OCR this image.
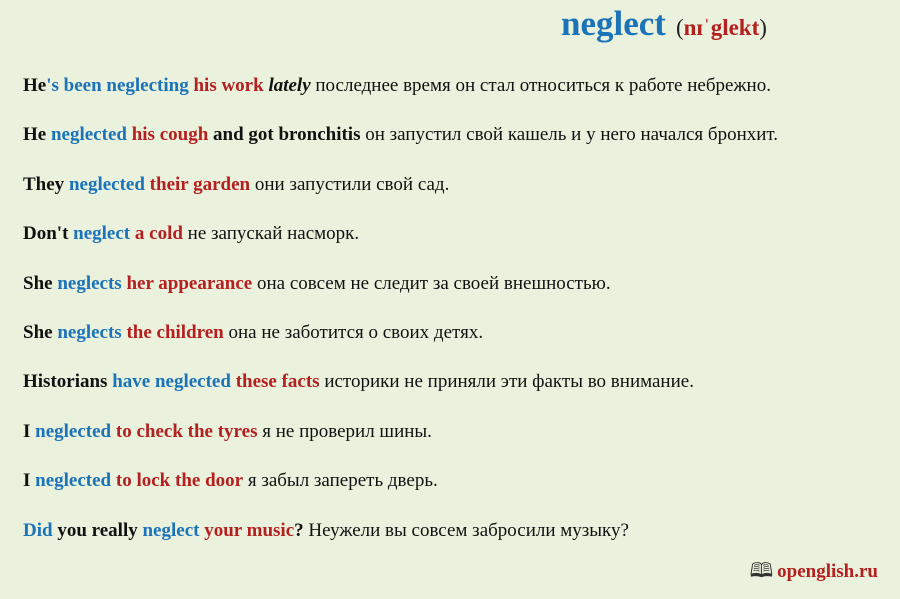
neglect (nɪˈglekt)
He's been neglecting his work lately последнее время он стал относиться к работе небрежно.
He neglected his cough and got bronchitis он запустил свой кашель и у него начался бронхит.
They neglected their garden они запустили свой сад.
Don't neglect a cold не запускай насморк.
She neglects her appearance она совсем не следит за своей внешностью.
She neglects the children она не заботится о своих детях.
Historians have neglected these facts историки не приняли эти факты во внимание.
I neglected to check the tyres я не проверил шины.
I neglected to lock the door я забыл запереть дверь.
Did you really neglect your music? Неужели вы совсем забросили музыку?
🕮 openglish.ru
